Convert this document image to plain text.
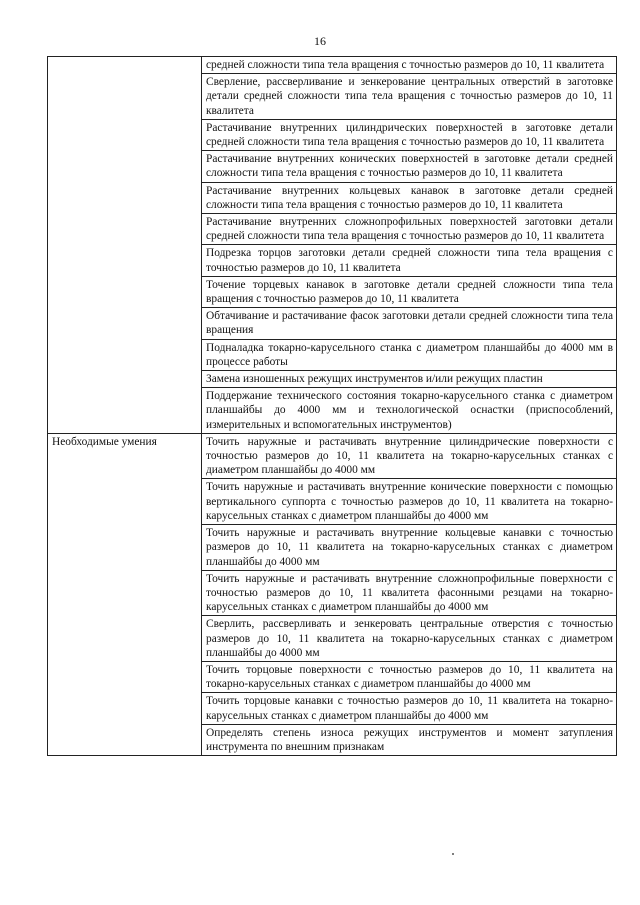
16
	средней сложности типа тела вращения с точностью размеров до 10, 11 квалитета
	Сверление, рассверливание и зенкерование центральных отверстий в заготовке детали средней сложности типа тела вращения с точностью размеров до 10, 11 квалитета
	Растачивание внутренних цилиндрических поверхностей в заготовке детали средней сложности типа тела вращения с точностью размеров до 10, 11 квалитета
	Растачивание внутренних конических поверхностей в заготовке детали средней сложности типа тела вращения с точностью размеров до 10, 11 квалитета
	Растачивание внутренних кольцевых канавок в заготовке детали средней сложности типа тела вращения с точностью размеров до 10, 11 квалитета
	Растачивание внутренних сложнопрофильных поверхностей заготовки детали средней сложности типа тела вращения с точностью размеров до 10, 11 квалитета
	Подрезка торцов заготовки детали средней сложности типа тела вращения с точностью размеров до 10, 11 квалитета
	Точение торцевых канавок в заготовке детали средней сложности типа тела вращения с точностью размеров до 10, 11 квалитета
	Обтачивание и растачивание фасок заготовки детали средней сложности типа тела вращения
	Подналадка токарно-карусельного станка с диаметром планшайбы до 4000 мм в процессе работы
	Замена изношенных режущих инструментов и/или режущих пластин
	Поддержание технического состояния токарно-карусельного станка с диаметром планшайбы до 4000 мм и технологической оснастки (приспособлений, измерительных и вспомогательных инструментов)
Необходимые умения	Точить наружные и растачивать внутренние цилиндрические поверхности с точностью размеров до 10, 11 квалитета на токарно-карусельных станках с диаметром планшайбы до 4000 мм
	Точить наружные и растачивать внутренние конические поверхности с помощью вертикального суппорта с точностью размеров до 10, 11 квалитета на токарно-карусельных станках с диаметром планшайбы до 4000 мм
	Точить наружные и растачивать внутренние кольцевые канавки с точностью размеров до 10, 11 квалитета на токарно-карусельных станках с диаметром планшайбы до 4000 мм
	Точить наружные и растачивать внутренние сложнопрофильные поверхности с точностью размеров до 10, 11 квалитета фасонными резцами на токарно-карусельных станках с диаметром планшайбы до 4000 мм
	Сверлить, рассверливать и зенкеровать центральные отверстия с точностью размеров до 10, 11 квалитета на токарно-карусельных станках с диаметром планшайбы до 4000 мм
	Точить торцовые поверхности с точностью размеров до 10, 11 квалитета на токарно-карусельных станках с диаметром планшайбы до 4000 мм
	Точить торцовые канавки с точностью размеров до 10, 11 квалитета на токарно-карусельных станках с диаметром планшайбы до 4000 мм
	Определять степень износа режущих инструментов и момент затупления инструмента по внешним признакам
